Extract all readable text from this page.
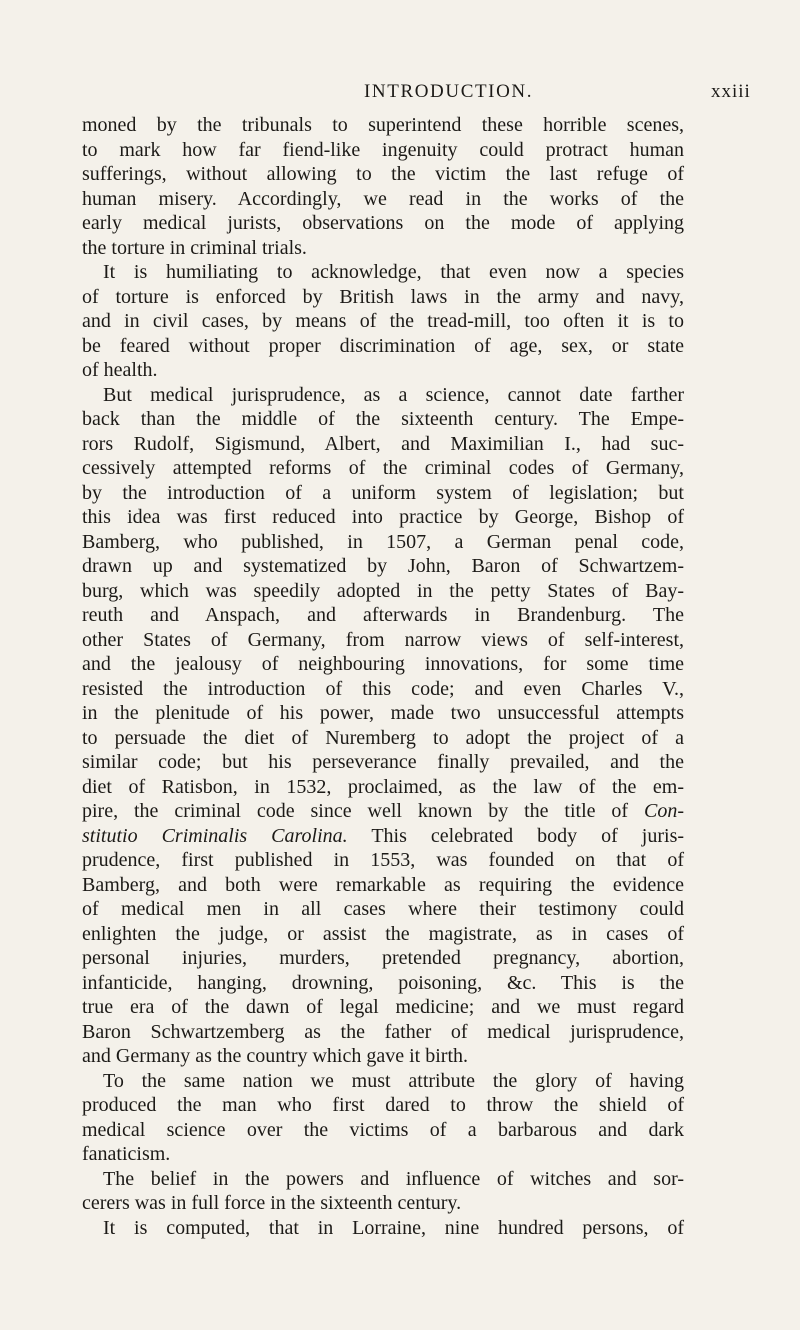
INTRODUCTION.	xxiii
moned by the tribunals to superintend these horrible scenes,
to mark how far fiend-like ingenuity could protract human
sufferings, without allowing to the victim the last refuge of
human misery. Accordingly, we read in the works of the
early medical jurists, observations on the mode of applying
the torture in criminal trials.
It is humiliating to acknowledge, that even now a species
of torture is enforced by British laws in the army and navy,
and in civil cases, by means of the tread-mill, too often it is to
be feared without proper discrimination of age, sex, or state
of health.
But medical jurisprudence, as a science, cannot date farther
back than the middle of the sixteenth century. The Empe-
rors Rudolf, Sigismund, Albert, and Maximilian I., had suc-
cessively attempted reforms of the criminal codes of Germany,
by the introduction of a uniform system of legislation; but
this idea was first reduced into practice by George, Bishop of
Bamberg, who published, in 1507, a German penal code,
drawn up and systematized by John, Baron of Schwartzem-
burg, which was speedily adopted in the petty States of Bay-
reuth and Anspach, and afterwards in Brandenburg. The
other States of Germany, from narrow views of self-interest,
and the jealousy of neighbouring innovations, for some time
resisted the introduction of this code; and even Charles V.,
in the plenitude of his power, made two unsuccessful attempts
to persuade the diet of Nuremberg to adopt the project of a
similar code; but his perseverance finally prevailed, and the
diet of Ratisbon, in 1532, proclaimed, as the law of the em-
pire, the criminal code since well known by the title of Con-
stitutio Criminalis Carolina. This celebrated body of juris-
prudence, first published in 1553, was founded on that of
Bamberg, and both were remarkable as requiring the evidence
of medical men in all cases where their testimony could
enlighten the judge, or assist the magistrate, as in cases of
personal injuries, murders, pretended pregnancy, abortion,
infanticide, hanging, drowning, poisoning, &c. This is the
true era of the dawn of legal medicine; and we must regard
Baron Schwartzemberg as the father of medical jurisprudence,
and Germany as the country which gave it birth.
To the same nation we must attribute the glory of having
produced the man who first dared to throw the shield of
medical science over the victims of a barbarous and dark
fanaticism.
The belief in the powers and influence of witches and sor-
cerers was in full force in the sixteenth century.
It is computed, that in Lorraine, nine hundred persons, of
